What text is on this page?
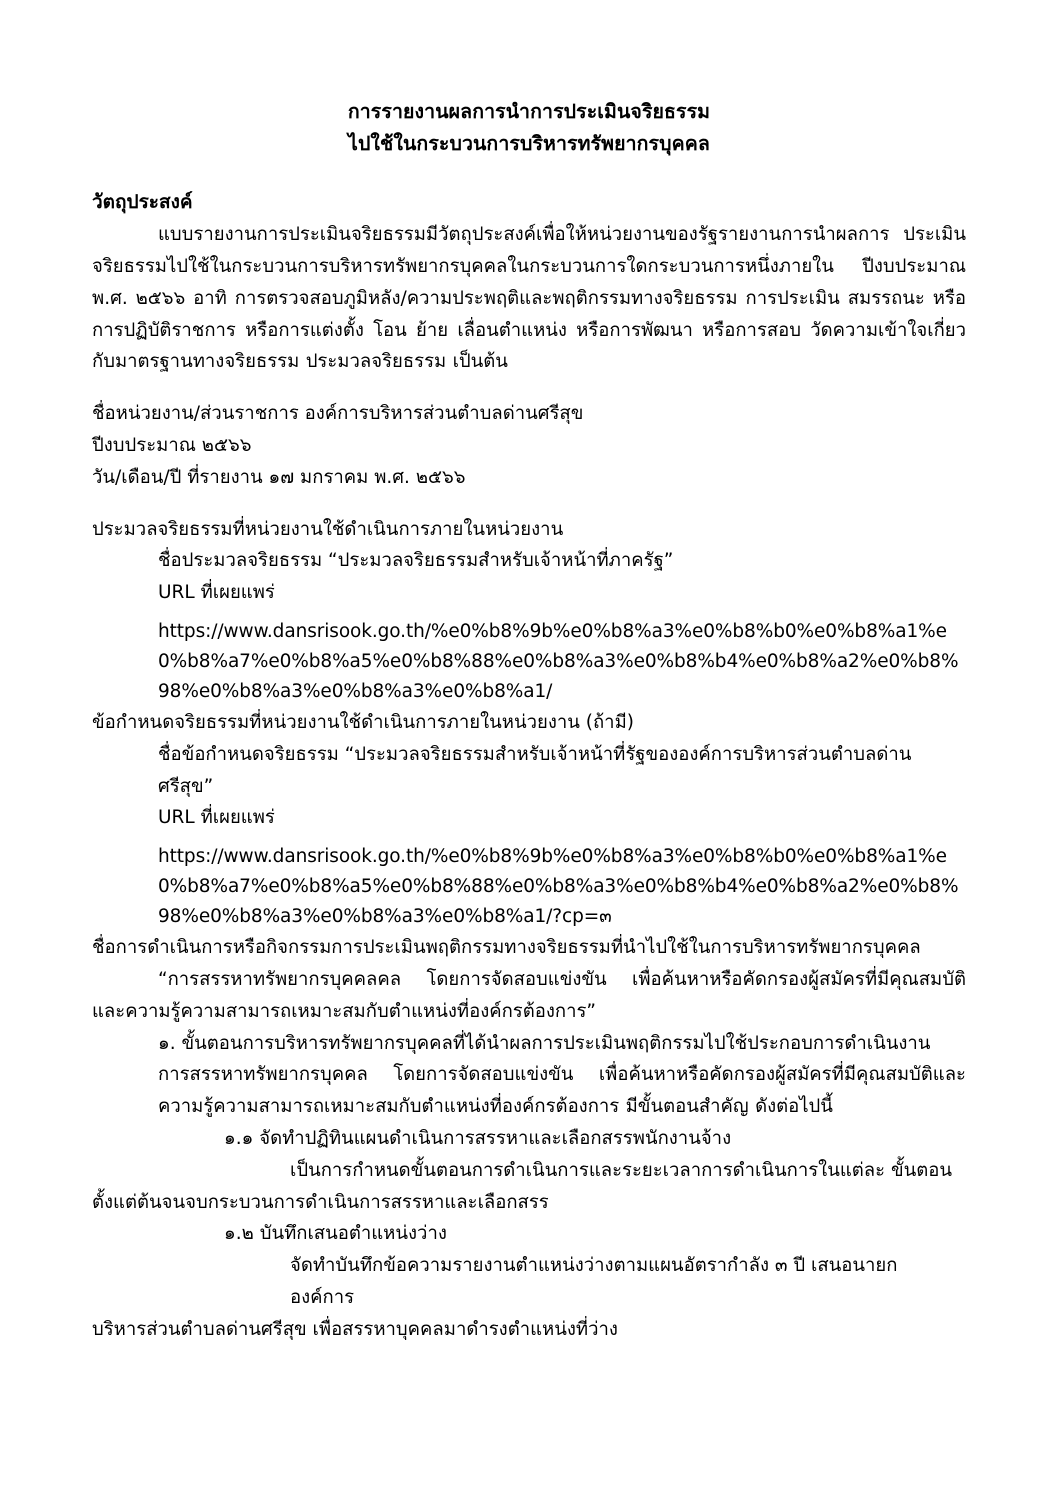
การรายงานผลการนำการประเมินจริยธรรม
ไปใช้ในกระบวนการบริหารทรัพยากรบุคคล
วัตถุประสงค์

แบบรายงานการประเมินจริยธรรมมีวัตถุประสงค์เพื่อให้หน่วยงานของรัฐรายงานการนำผลการ ประเมินจริยธรรมไปใช้ในกระบวนการบริหารทรัพยากรบุคคลในกระบวนการใดกระบวนการหนึ่งภายใน ปีงบประมาณ พ.ศ. ๒๕๖๖ อาทิ การตรวจสอบภูมิหลัง/ความประพฤติและพฤติกรรมทางจริยธรรม การประเมิน สมรรถนะ หรือ การปฏิบัติราชการ หรือการแต่งตั้ง โอน ย้าย เลื่อนตำแหน่ง หรือการพัฒนา หรือการสอบ วัดความเข้าใจเกี่ยวกับมาตรฐานทางจริยธรรม ประมวลจริยธรรม เป็นต้น

ชื่อหน่วยงาน/ส่วนราชการ องค์การบริหารส่วนตำบลด่านศรีสุข

ปีงบประมาณ ๒๕๖๖

วัน/เดือน/ปี ที่รายงาน ๑๗ มกราคม พ.ศ. ๒๕๖๖

ประมวลจริยธรรมที่หน่วยงานใช้ดำเนินการภายในหน่วยงาน

ชื่อประมวลจริยธรรม “ประมวลจริยธรรมสำหรับเจ้าหน้าที่ภาครัฐ”

URL ที่เผยแพร่

https://www.dansrisook.go.th/%e0%b8%9b%e0%b8%a3%e0%b8%b0%e0%b8%a1%e0%b8%a7%e0%b8%a5%e0%b8%88%e0%b8%a3%e0%b8%b4%e0%b8%a2%e0%b8%98%e0%b8%a3%e0%b8%a3%e0%b8%a1/

ข้อกำหนดจริยธรรมที่หน่วยงานใช้ดำเนินการภายในหน่วยงาน (ถ้ามี)

ชื่อข้อกำหนดจริยธรรม “ประมวลจริยธรรมสำหรับเจ้าหน้าที่รัฐขององค์การบริหารส่วนตำบลด่านศรีสุข”

URL ที่เผยแพร่

https://www.dansrisook.go.th/%e0%b8%9b%e0%b8%a3%e0%b8%b0%e0%b8%a1%e0%b8%a7%e0%b8%a5%e0%b8%88%e0%b8%a3%e0%b8%b4%e0%b8%a2%e0%b8%98%e0%b8%a3%e0%b8%a3%e0%b8%a1/?cp=๓

ชื่อการดำเนินการหรือกิจกรรมการประเมินพฤติกรรมทางจริยธรรมที่นำไปใช้ในการบริหารทรัพยากรบุคคล

“การสรรหาทรัพยากรบุคคลคล โดยการจัดสอบแข่งขัน เพื่อค้นหาหรือคัดกรองผู้สมัครที่มีคุณสมบัติ และความรู้ความสามารถเหมาะสมกับตำแหน่งที่องค์กรต้องการ”

๑. ขั้นตอนการบริหารทรัพยากรบุคคลที่ได้นำผลการประเมินพฤติกรรมไปใช้ประกอบการดำเนินงาน

การสรรหาทรัพยากรบุคคล โดยการจัดสอบแข่งขัน เพื่อค้นหาหรือคัดกรองผู้สมัครที่มีคุณสมบัติและ ความรู้ความสามารถเหมาะสมกับตำแหน่งที่องค์กรต้องการ มีขั้นตอนสำคัญ ดังต่อไปนี้

๑.๑ จัดทำปฏิทินแผนดำเนินการสรรหาและเลือกสรรพนักงานจ้าง

เป็นการกำหนดขั้นตอนการดำเนินการและระยะเวลาการดำเนินการในแต่ละ ขั้นตอน

ตั้งแต่ต้นจนจบกระบวนการดำเนินการสรรหาและเลือกสรร

๑.๒ บันทึกเสนอตำแหน่งว่าง

จัดทำบันทึกข้อความรายงานตำแหน่งว่างตามแผนอัตรากำลัง ๓ ปี เสนอนายก องค์การ

บริหารส่วนตำบลด่านศรีสุข เพื่อสรรหาบุคคลมาดำรงตำแหน่งที่ว่าง
